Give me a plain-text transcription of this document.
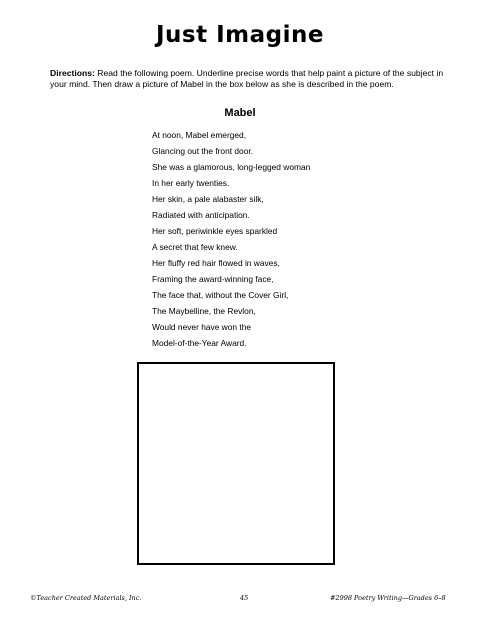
Just Imagine
Directions: Read the following poem. Underline precise words that help paint a picture of the subject in your mind. Then draw a picture of Mabel in the box below as she is described in the poem.
Mabel
At noon, Mabel emerged,
Glancing out the front door.
She was a glamorous, long-legged woman
In her early twenties.
Her skin, a pale alabaster silk,
Radiated with anticipation.
Her soft, periwinkle eyes sparkled
A secret that few knew.
Her fluffy red hair flowed in waves,
Framing the award-winning face,
The face that, without the Cover Girl,
The Maybelline, the Revlon,
Would never have won the
Model-of-the-Year Award.
©Teacher Created Materials, Inc.	45	#2998 Poetry Writing—Grades 6–8
